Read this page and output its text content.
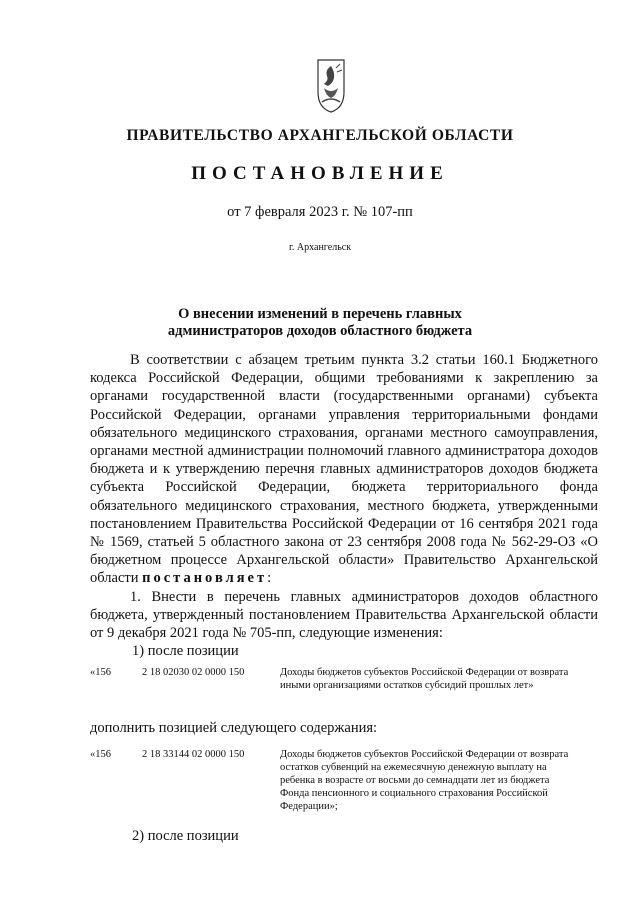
ПРАВИТЕЛЬСТВО АРХАНГЕЛЬСКОЙ ОБЛАСТИ
ПОСТАНОВЛЕНИЕ
от 7 февраля 2023 г. № 107-пп
г. Архангельск
О внесении изменений в перечень главных
администраторов доходов областного бюджета

В соответствии с абзацем третьим пункта 3.2 статьи 160.1 Бюджетного кодекса Российской Федерации, общими требованиями к закреплению за органами государственной власти (государственными органами) субъекта Российской Федерации, органами управления территориальными фондами обязательного медицинского страхования, органами местного самоуправления, органами местной администрации полномочий главного администратора доходов бюджета и к утверждению перечня главных администраторов доходов бюджета субъекта Российской Федерации, бюджета территориального фонда обязательного медицинского страхования, местного бюджета, утвержденными постановлением Правительства Российской Федерации от 16 сентября 2021 года № 1569, статьей 5 областного закона от 23 сентября 2008 года № 562-29-ОЗ «О бюджетном процессе Архангельской области» Правительство Архангельской области постановляет:

1. Внести в перечень главных администраторов доходов областного бюджета, утвержденный постановлением Правительства Архангельской области от 9 декабря 2021 года № 705-пп, следующие изменения:

1) после позиции

«156	2 18 02030 02 0000 150	Доходы бюджетов субъектов Российской Федерации от возврата иными организациями остатков субсидий прошлых лет»

дополнить позицией следующего содержания:

«156	2 18 33144 02 0000 150	Доходы бюджетов субъектов Российской Федерации от возврата остатков субвенций на ежемесячную денежную выплату на ребенка в возрасте от восьми до семнадцати лет из бюджета Фонда пенсионного и социального страхования Российской Федерации»;

2) после позиции
